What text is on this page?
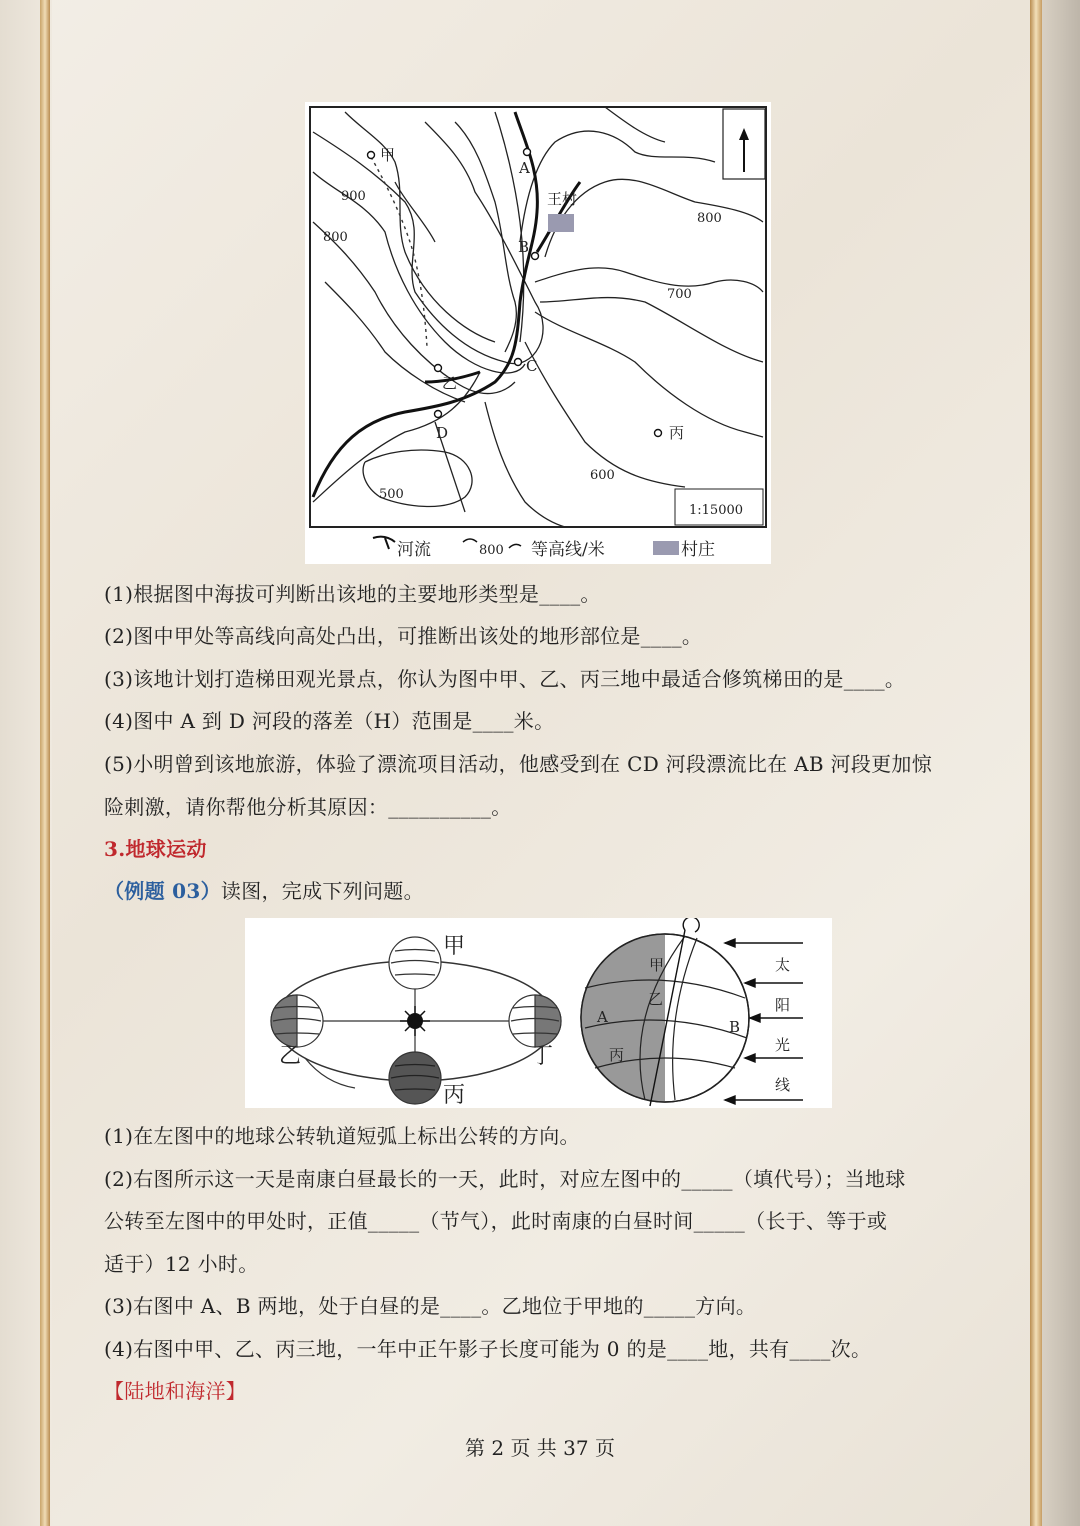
甲
A
王村
B
C
乙
D	丙
900
800
800
700
600
500
1:15000
河流	800 等高线/米	村庄
(1)根据图中海拔可判断出该地的主要地形类型是____。
(2)图中甲处等高线向高处凸出，可推断出该处的地形部位是____。
(3)该地计划打造梯田观光景点，你认为图中甲、乙、丙三地中最适合修筑梯田的是____。
(4)图中 A 到 D 河段的落差（H）范围是____米。
(5)小明曾到该地旅游，体验了漂流项目活动，他感受到在 CD 河段漂流比在 AB 河段更加惊
险刺激，请你帮他分析其原因：__________。
3.地球运动
（例题 03）读图，完成下列问题。
甲
乙
丙
丁
甲
乙
丙
A
B
太
阳
光
线
(1)在左图中的地球公转轨道短弧上标出公转的方向。
(2)右图所示这一天是南康白昼最长的一天，此时，对应左图中的_____（填代号）；当地球
公转至左图中的甲处时，正值_____（节气），此时南康的白昼时间_____（长于、等于或
适于）12 小时。
(3)右图中 A、B 两地，处于白昼的是____。乙地位于甲地的_____方向。
(4)右图中甲、乙、丙三地，一年中正午影子长度可能为 0 的是____地，共有____次。
【陆地和海洋】
第 2 页 共 37 页
